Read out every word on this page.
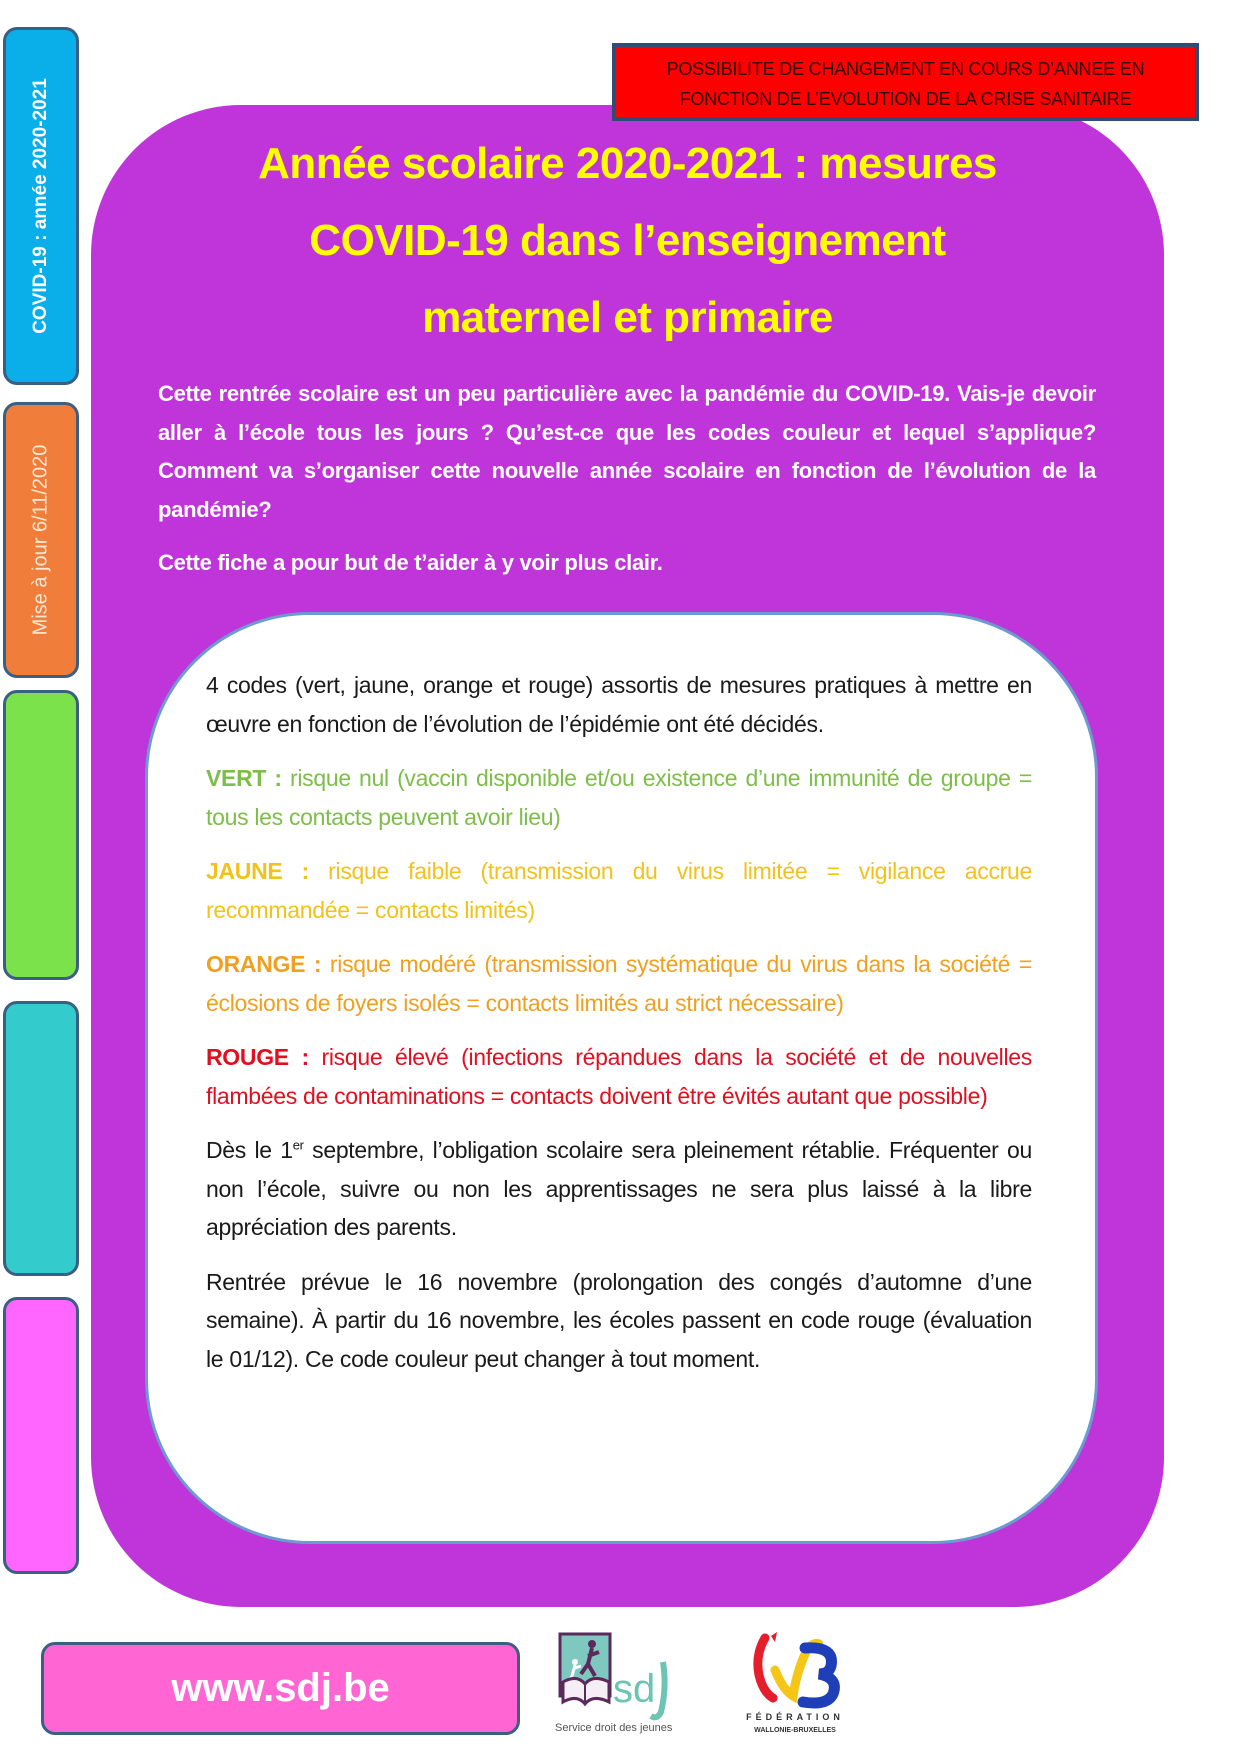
COVID-19 : année 2020-2021
Mise à jour 6/11/2020
POSSIBILITE DE CHANGEMENT EN COURS D’ANNEE EN
FONCTION DE L’EVOLUTION DE LA CRISE SANITAIRE
Année scolaire 2020-2021 : mesures
COVID-19 dans l’enseignement
maternel et primaire

Cette rentrée scolaire est un peu particulière avec la pandémie du COVID-19. Vais-je devoir aller à l’école tous les jours ? Qu’est-ce que les codes couleur et lequel s’applique? Comment va s’organiser cette nouvelle année scolaire en fonction de l’évolution de la pandémie?

Cette fiche a pour but de t’aider à y voir plus clair.

4 codes (vert, jaune, orange et rouge) assortis de mesures pratiques à mettre en œuvre en fonction de l’évolution de l’épidémie ont été décidés.

VERT : risque nul (vaccin disponible et/ou existence d’une immunité de groupe = tous les contacts peuvent avoir lieu)

JAUNE : risque faible (transmission du virus limitée = vigilance accrue recommandée = contacts limités)

ORANGE : risque modéré (transmission systématique du virus dans la société = éclosions de foyers isolés = contacts limités au strict nécessaire)

ROUGE : risque élevé (infections répandues dans la société et de nouvelles flambées de contaminations = contacts doivent être évités autant que possible)

Dès le 1er septembre, l’obligation scolaire sera pleinement rétablie. Fréquenter ou non l’école, suivre ou non les apprentissages ne sera plus laissé à la libre appréciation des parents.

Rentrée prévue le 16 novembre (prolongation des congés d’automne d’une semaine). À partir du 16 novembre, les écoles passent en code rouge (évaluation le 01/12). Ce code couleur peut changer à tout moment.

www.sdj.be	sd
Service droit des jeunes
FÉDÉRATION
WALLONIE-BRUXELLES
